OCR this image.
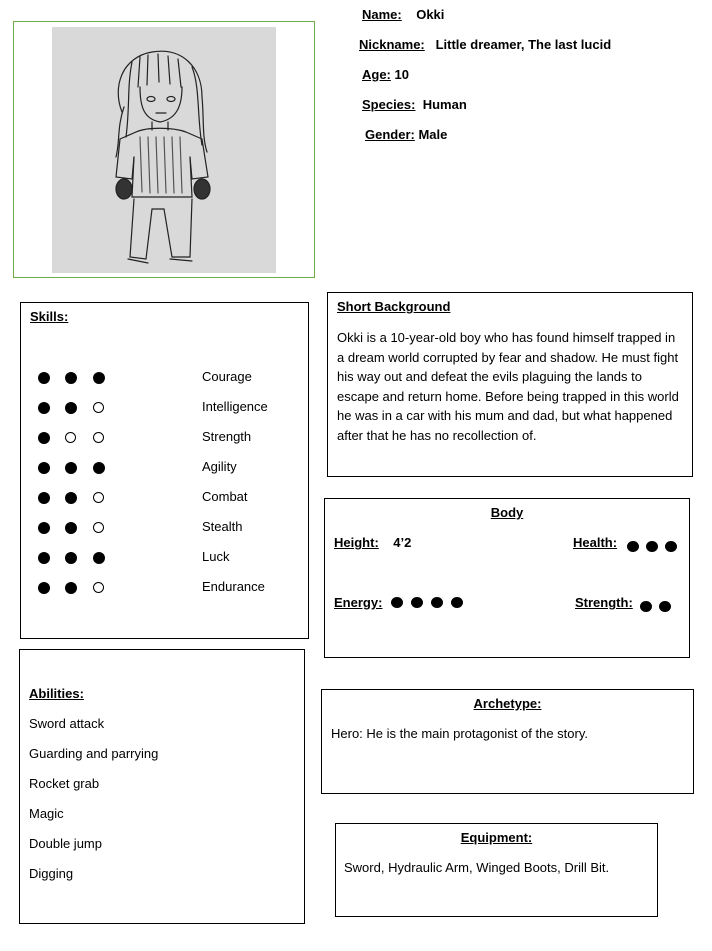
Name: Okki
Nickname: Little dreamer, The last lucid
Age: 10
Species: Human
Gender: Male
Skills:
Courage
Intelligence
Strength
Agility
Combat
Stealth
Luck
Endurance
Short Background
Okki is a 10-year-old boy who has found himself trapped in a dream world corrupted by fear and shadow. He must fight his way out and defeat the evils plaguing the lands to escape and return home. Before being trapped in this world he was in a car with his mum and dad, but what happened after that he has no recollection of.
Body
Height: 4’2	Health:
Energy:	Strength:
Abilities:
Sword attack
Guarding and parrying
Rocket grab
Magic
Double jump
Digging
Archetype:
Hero: He is the main protagonist of the story.
Equipment:
Sword, Hydraulic Arm, Winged Boots, Drill Bit.
